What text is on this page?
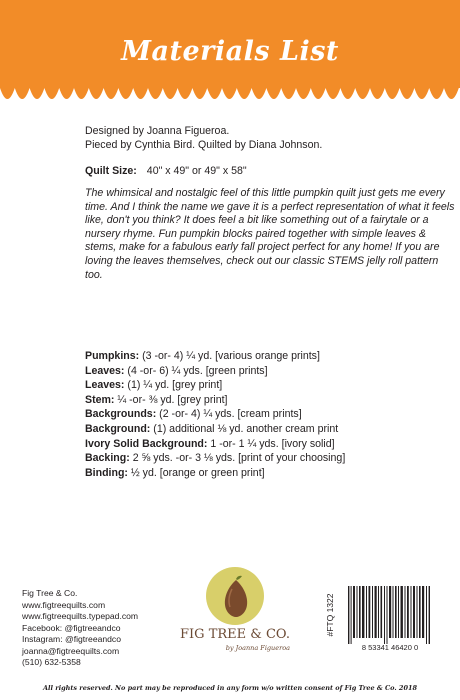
Materials List
Designed by Joanna Figueroa.
Pieced by Cynthia Bird. Quilted by Diana Johnson.
Quilt Size: 40" x 49" or 49" x 58"
The whimsical and nostalgic feel of this little pumpkin quilt just gets me every time. And I think the name we gave it is a perfect representation of what it feels like, don't you think? It does feel a bit like something out of a fairytale or a nursery rhyme. Fun pumpkin blocks paired together with simple leaves & stems, make for a fabulous early fall project perfect for any home! If you are loving the leaves themselves, check out our classic STEMS jelly roll pattern too.
Pumpkins: (3 -or- 4) ¼ yd. [various orange prints]
Leaves: (4 -or- 6) ¼ yds. [green prints]
Leaves: (1) ¼ yd. [grey print]
Stem: ¼ -or- ⅜ yd. [grey print]
Backgrounds: (2 -or- 4) ¼ yds. [cream prints]
Background: (1) additional ⅛ yd. another cream print
Ivory Solid Background: 1 -or- 1 ¼ yds. [ivory solid]
Backing: 2 ⅝ yds. -or- 3 ⅛ yds. [print of your choosing]
Binding: ½ yd. [orange or green print]
Fig Tree & Co.
www.figtreequilts.com
www.figtreequilts.typepad.com
Facebook: @figtreeandco
Instagram: @figtreeandco
joanna@figtreequilts.com
(510) 632-5358
FIG TREE & CO.
by Joanna Figueroa
#FTQ 1322
8 53341 46420 0
All rights reserved. No part may be reproduced in any form w/o written consent of Fig Tree & Co. 2018
